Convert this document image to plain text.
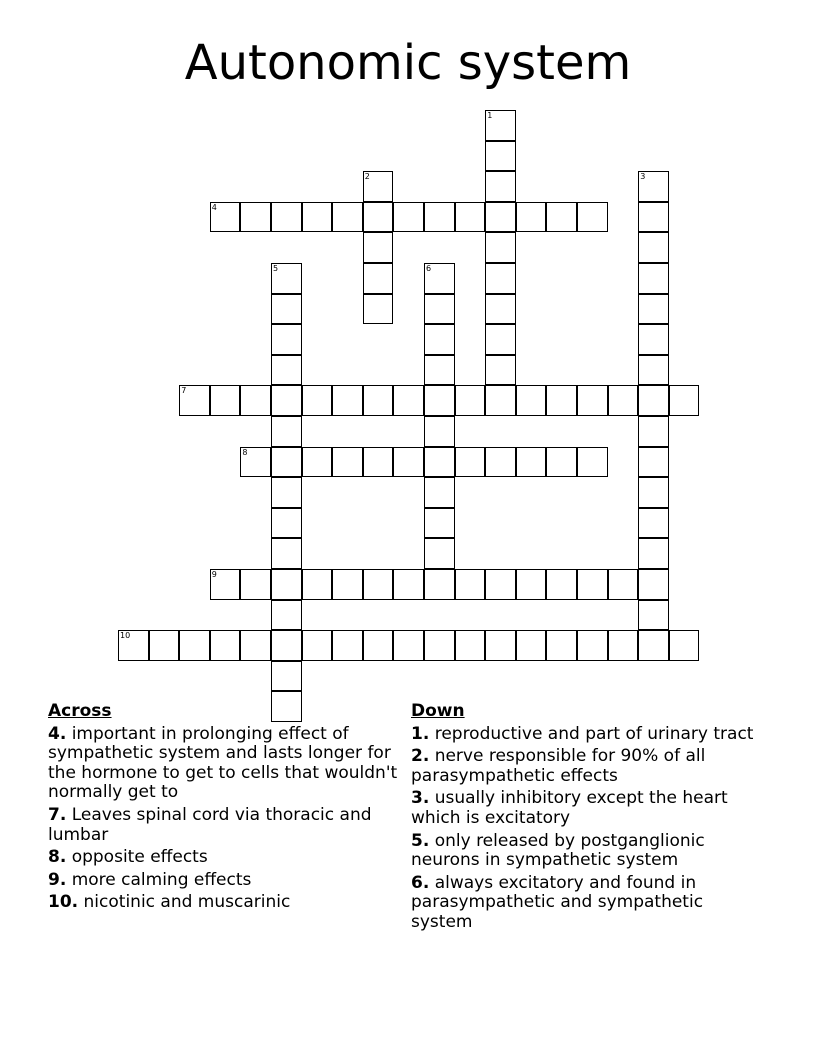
Autonomic system
1
2	3
4
5	6
7
8
9
10
Across
4. important in prolonging effect of sympathetic system and lasts longer for the hormone to get to cells that wouldn't normally get to
7. Leaves spinal cord via thoracic and lumbar
8. opposite effects
9. more calming effects
10. nicotinic and muscarinic
Down
1. reproductive and part of urinary tract
2. nerve responsible for 90% of all parasympathetic effects
3. usually inhibitory except the heart which is excitatory
5. only released by postganglionic neurons in sympathetic system
6. always excitatory and found in parasympathetic and sympathetic system
